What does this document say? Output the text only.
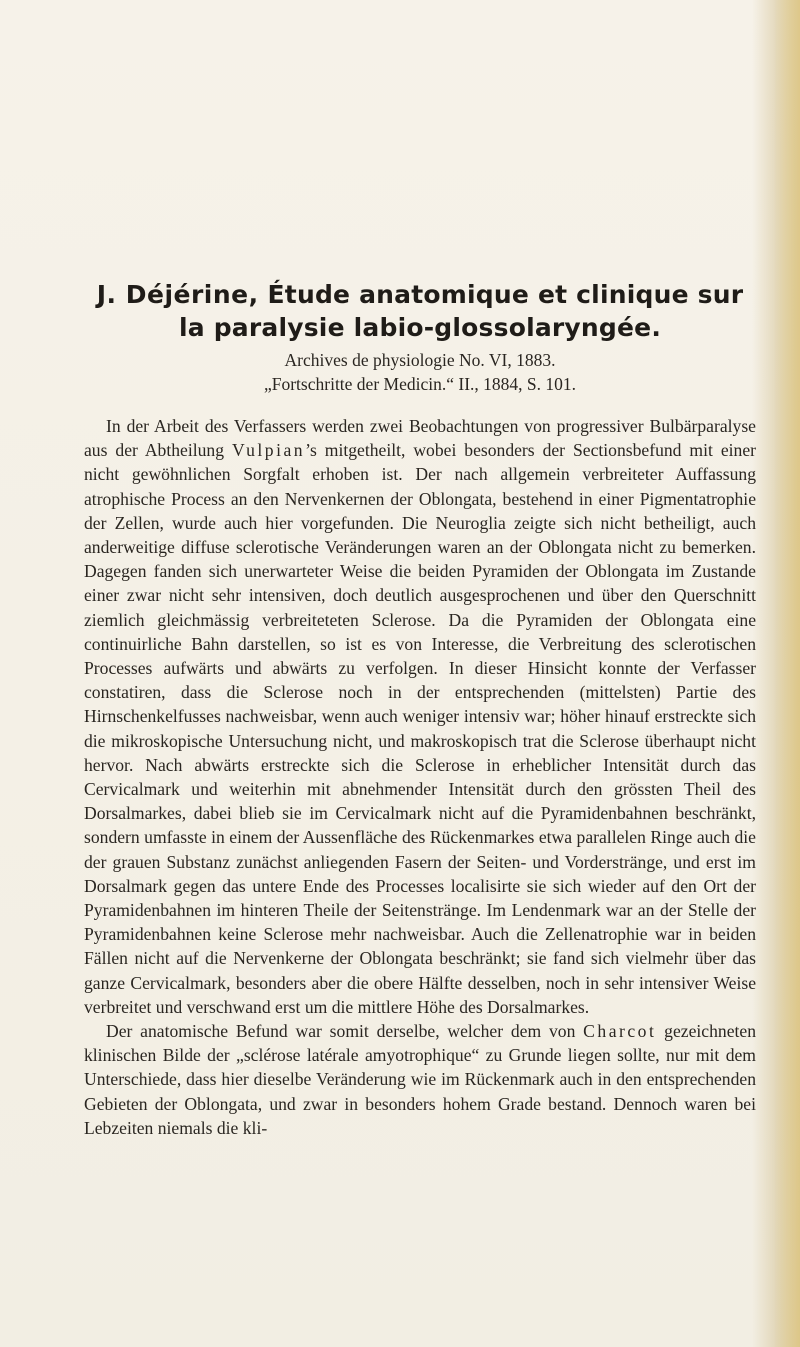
J. Déjérine, Étude anatomique et clinique sur
la paralysie labio-glossolaryngée.

Archives de physiologie No. VI, 1883.

„Fortschritte der Medicin.“ II., 1884, S. 101.

In der Arbeit des Verfassers werden zwei Beobachtungen von progressiver Bulbärparalyse aus der Abtheilung Vulpian’s mitgetheilt, wobei besonders der Sectionsbefund mit einer nicht gewöhnlichen Sorgfalt erhoben ist. Der nach allgemein verbreiteter Auffassung atrophische Process an den Nervenkernen der Oblongata, bestehend in einer Pigmentatrophie der Zellen, wurde auch hier vorgefunden. Die Neuroglia zeigte sich nicht betheiligt, auch anderweitige diffuse sclerotische Veränderungen waren an der Oblongata nicht zu bemerken. Dagegen fanden sich unerwarteter Weise die beiden Pyramiden der Oblongata im Zustande einer zwar nicht sehr intensiven, doch deutlich ausgesprochenen und über den Querschnitt ziemlich gleichmässig verbreiteteten Sclerose. Da die Pyramiden der Oblongata eine continuirliche Bahn darstellen, so ist es von Interesse, die Verbreitung des sclerotischen Processes aufwärts und abwärts zu verfolgen. In dieser Hinsicht konnte der Verfasser constatiren, dass die Sclerose noch in der entsprechenden (mittelsten) Partie des Hirnschenkelfusses nachweisbar, wenn auch weniger intensiv war; höher hinauf erstreckte sich die mikroskopische Untersuchung nicht, und makroskopisch trat die Sclerose überhaupt nicht hervor. Nach abwärts erstreckte sich die Sclerose in erheblicher Intensität durch das Cervicalmark und weiterhin mit abnehmender Intensität durch den grössten Theil des Dorsalmarkes, dabei blieb sie im Cervicalmark nicht auf die Pyramidenbahnen beschränkt, sondern umfasste in einem der Aussenfläche des Rückenmarkes etwa parallelen Ringe auch die der grauen Substanz zunächst anliegenden Fasern der Seiten- und Vorderstränge, und erst im Dorsalmark gegen das untere Ende des Processes localisirte sie sich wieder auf den Ort der Pyramidenbahnen im hinteren Theile der Seitenstränge. Im Lendenmark war an der Stelle der Pyramidenbahnen keine Sclerose mehr nachweisbar. Auch die Zellenatrophie war in beiden Fällen nicht auf die Nervenkerne der Oblongata beschränkt; sie fand sich vielmehr über das ganze Cervicalmark, besonders aber die obere Hälfte desselben, noch in sehr intensiver Weise verbreitet und verschwand erst um die mittlere Höhe des Dorsalmarkes.

Der anatomische Befund war somit derselbe, welcher dem von Charcot gezeichneten klinischen Bilde der „sclérose latérale amyotrophique“ zu Grunde liegen sollte, nur mit dem Unterschiede, dass hier dieselbe Veränderung wie im Rückenmark auch in den entsprechenden Gebieten der Oblongata, und zwar in besonders hohem Grade bestand. Dennoch waren bei Lebzeiten niemals die kli-
